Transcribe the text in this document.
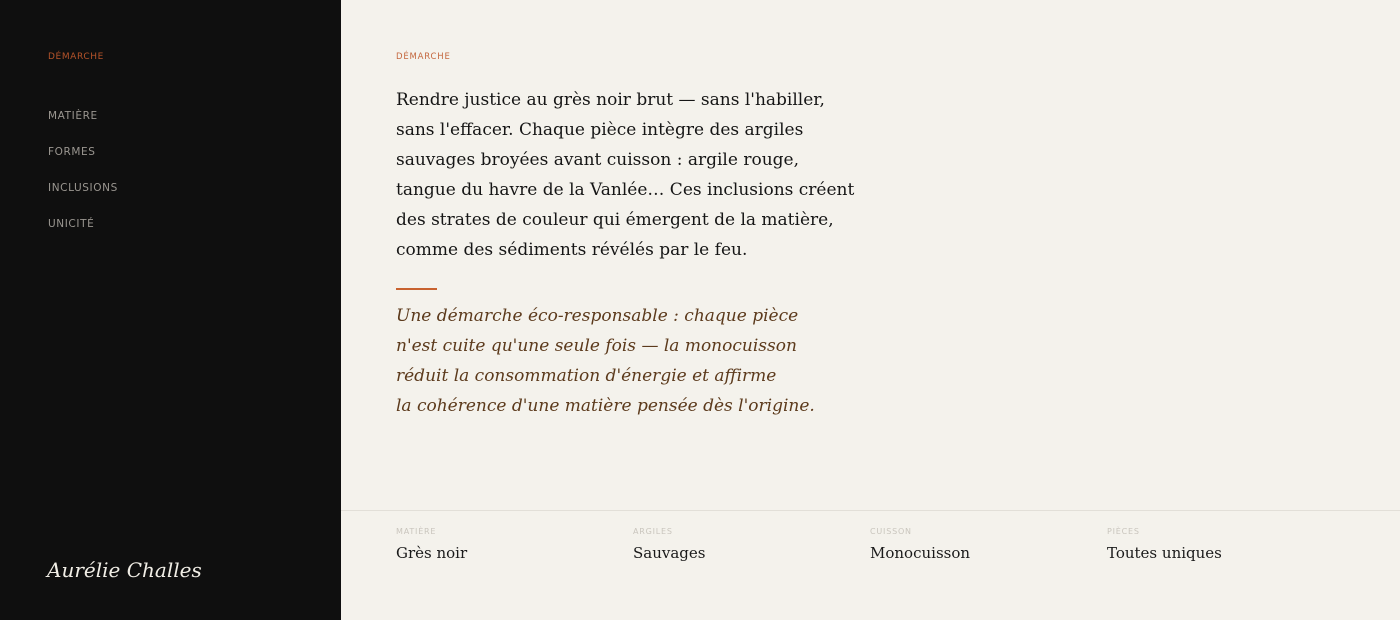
DÉMARCHE
MATIÈRE
FORMES
INCLUSIONS
UNICITÉ
Aurélie Challes
DÉMARCHE

Rendre justice au grès noir brut — sans l'habiller,
sans l'effacer. Chaque pièce intègre des argiles
sauvages broyées avant cuisson : argile rouge,
tangue du havre de la Vanlée… Ces inclusions créent
des strates de couleur qui émergent de la matière,
comme des sédiments révélés par le feu.

Une démarche éco-responsable : chaque pièce
n'est cuite qu'une seule fois — la monocuisson
réduit la consommation d'énergie et affirme
la cohérence d'une matière pensée dès l'origine.

MATIÈRE
Grès noir
ARGILES
Sauvages
CUISSON
Monocuisson
PIÈCES
Toutes uniques
